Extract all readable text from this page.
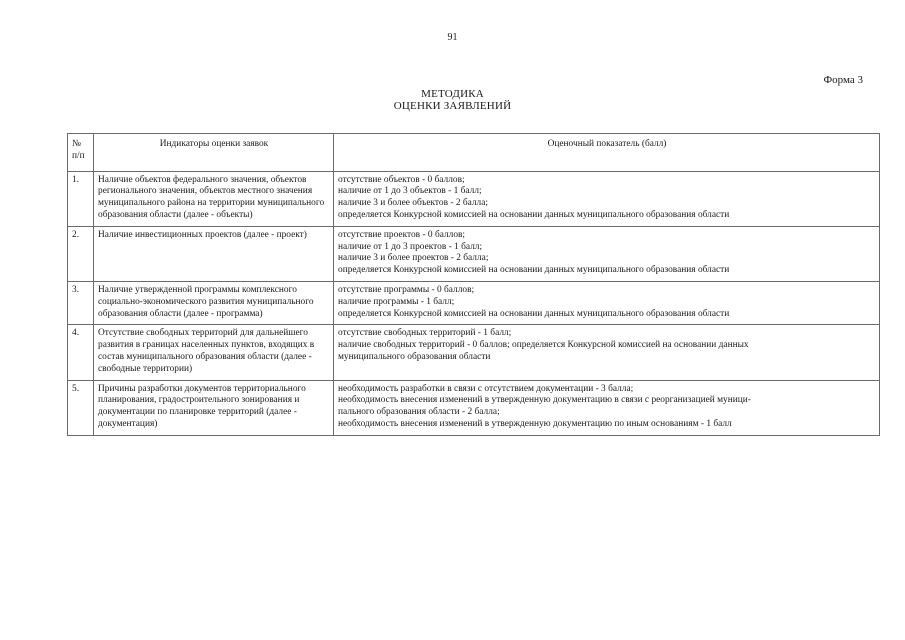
91
Форма 3
МЕТОДИКА
ОЦЕНКИ ЗАЯВЛЕНИЙ
№
п/п	Индикаторы оценки заявок	Оценочный показатель (балл)
1.	Наличие объектов федерального значения, объектов регионального значения, объектов местного значения муниципального района на территории муниципального образования области (далее - объекты)	отсутствие объектов - 0 баллов;
наличие от 1 до 3 объектов - 1 балл;
наличие 3 и более объектов - 2 балла;
определяется Конкурсной комиссией на основании данных муниципального образования области

2.	Наличие инвестиционных проектов (далее - проект)	отсутствие проектов - 0 баллов;
наличие от 1 до 3 проектов - 1 балл;
наличие 3 и более проектов - 2 балла;
определяется Конкурсной комиссией на основании данных муниципального образования области

3.	Наличие утвержденной программы комплексного социально-экономического развития муниципального образования области (далее - программа)	отсутствие программы - 0 баллов;
наличие программы - 1 балл;
определяется Конкурсной комиссией на основании данных муниципального образования области

4.	Отсутствие свободных территорий для дальнейшего развития в границах населенных пунктов, входящих в состав муниципального образования области (далее - свободные территории)	отсутствие свободных территорий - 1 балл;
наличие свободных территорий - 0 баллов; определяется Конкурсной комиссией на основании данных
муниципального образования области

5.	Причины разработки документов территориального планирования, градостроительного зонирования и документации по планировке территорий (далее - документация)	необходимость разработки в связи с отсутствием документации - 3 балла;
необходимость внесения изменений в утвержденную документацию в связи с реорганизацией муници-
пального образования области - 2 балла;
необходимость внесения изменений в утвержденную документацию по иным основаниям - 1 балл
